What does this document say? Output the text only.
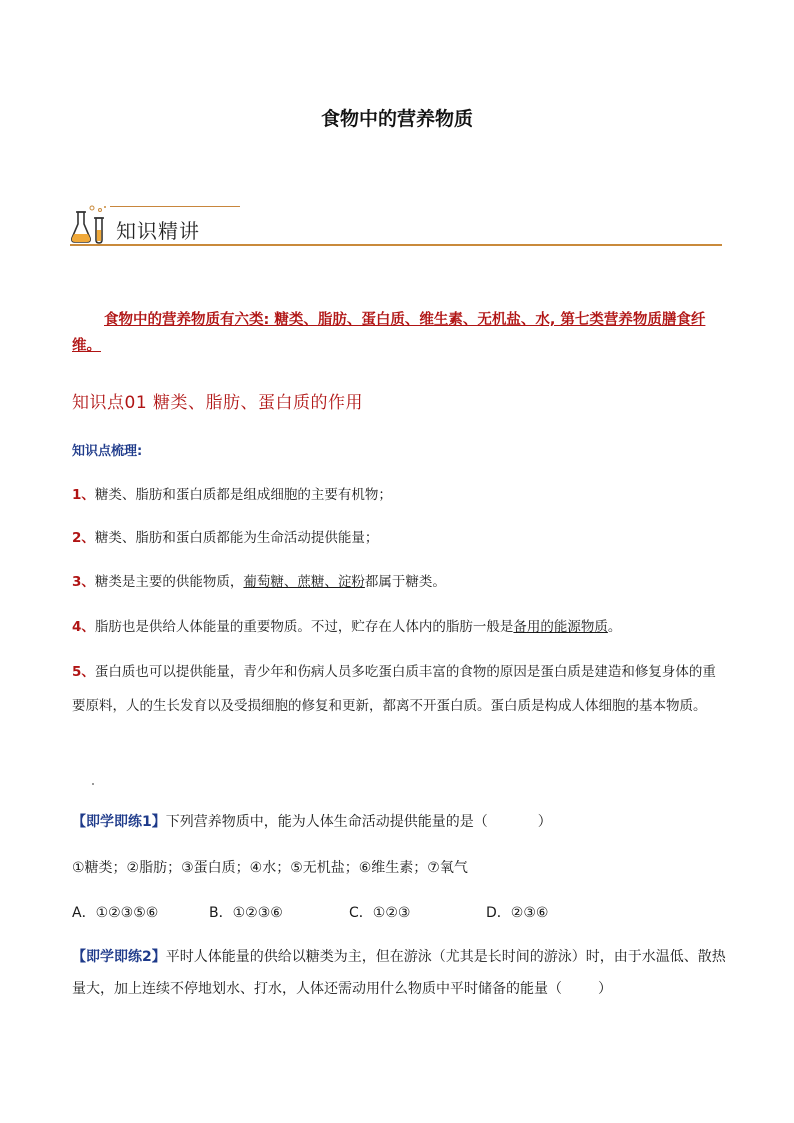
食物中的营养物质
知识精讲
食物中的营养物质有六类: 糖类、脂肪、蛋白质、维生素、无机盐、水, 第七类营养物质膳食纤维。
知识点01 糖类、脂肪、蛋白质的作用
知识点梳理:
1、糖类、脂肪和蛋白质都是组成细胞的主要有机物；
2、糖类、脂肪和蛋白质都能为生命活动提供能量；
3、糖类是主要的供能物质，葡萄糖、蔗糖、淀粉都属于糖类。
4、脂肪也是供给人体能量的重要物质。不过，贮存在人体内的脂肪一般是备用的能源物质。
5、蛋白质也可以提供能量，青少年和伤病人员多吃蛋白质丰富的食物的原因是蛋白质是建造和修复身体的重要原料，人的生长发育以及受损细胞的修复和更新，都离不开蛋白质。蛋白质是构成人体细胞的基本物质。
【即学即练1】下列营养物质中，能为人体生命活动提供能量的是（	）
①糖类；②脂肪；③蛋白质；④水；⑤无机盐；⑥维生素；⑦氧气
A．①②③⑤⑥	B．①②③⑥	C．①②③	D．②③⑥
【即学即练2】平时人体能量的供给以糖类为主，但在游泳（尤其是长时间的游泳）时，由于水温低、散热量大，加上连续不停地划水、打水，人体还需动用什么物质中平时储备的能量（	）
